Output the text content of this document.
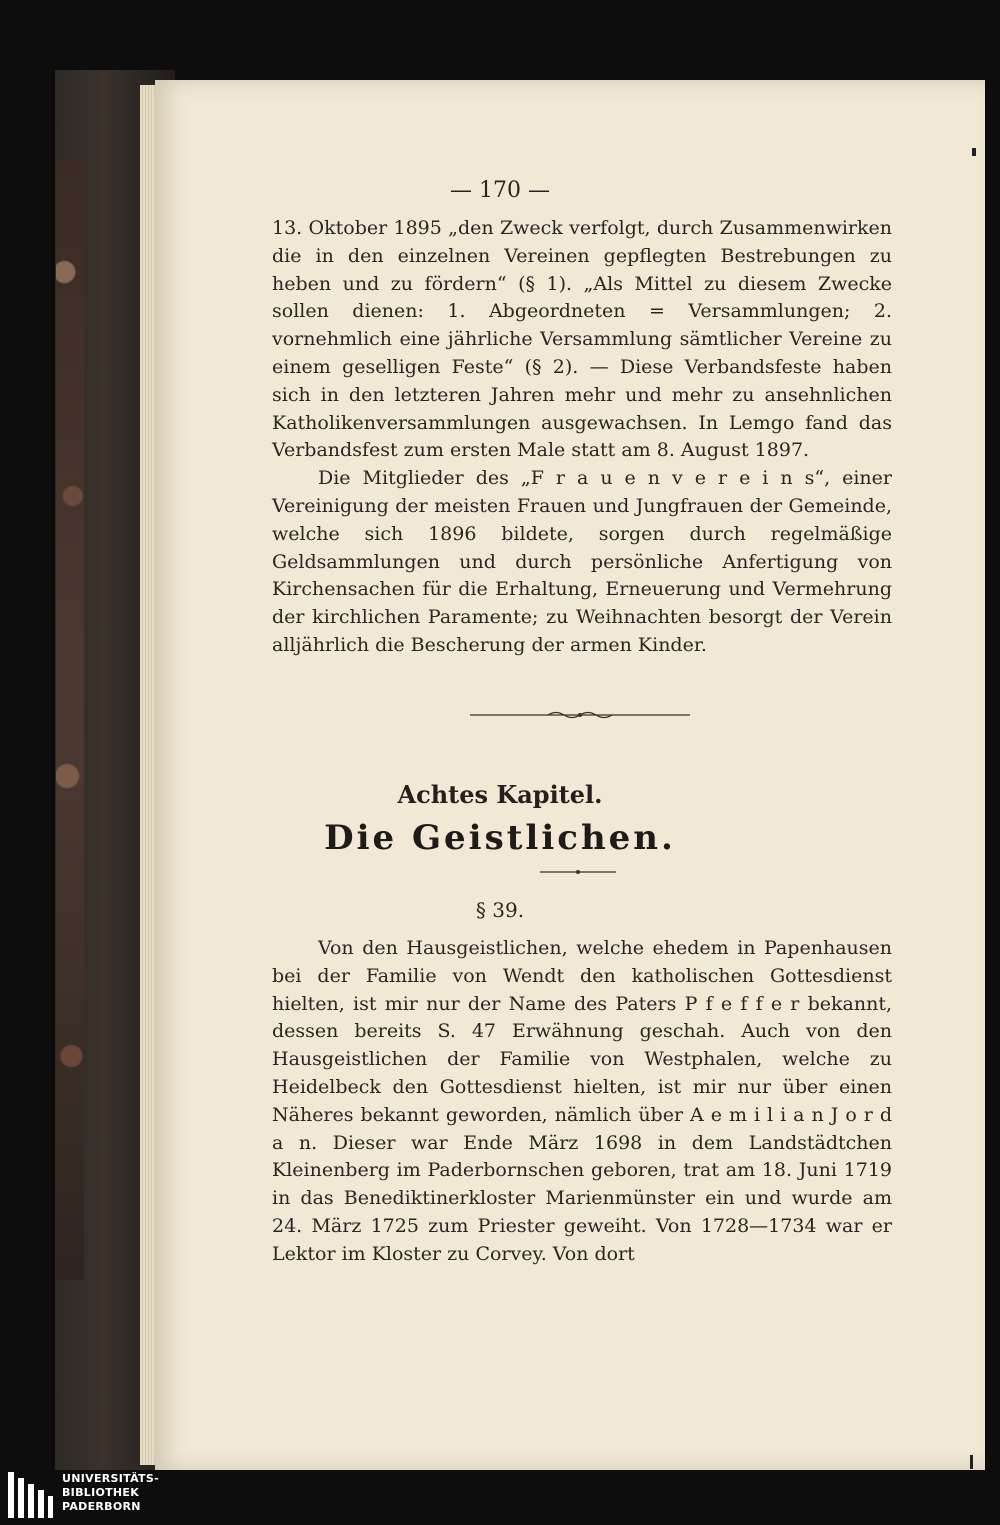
— 170 —

13. Oktober 1895 „den Zweck verfolgt, durch Zusammenwirken die in den einzelnen Vereinen gepflegten Bestrebungen zu heben und zu fördern“ (§ 1). „Als Mittel zu diesem Zwecke sollen dienen: 1. Abgeordneten = Versammlungen; 2. vornehmlich eine jährliche Versammlung sämtlicher Vereine zu einem geselligen Feste“ (§ 2). — Diese Verbandsfeste haben sich in den letzteren Jahren mehr und mehr zu ansehnlichen Katholikenversammlungen ausgewachsen. In Lemgo fand das Verbandsfest zum ersten Male statt am 8. August 1897.

Die Mitglieder des „F r a u e n v e r e i n s“, einer Vereinigung der meisten Frauen und Jungfrauen der Gemeinde, welche sich 1896 bildete, sorgen durch regelmäßige Geldsammlungen und durch persönliche Anfertigung von Kirchensachen für die Erhaltung, Erneuerung und Vermehrung der kirchlichen Paramente; zu Weihnachten besorgt der Verein alljährlich die Bescherung der armen Kinder.

Achtes Kapitel.
Die Geistlichen.
§ 39.

Von den Hausgeistlichen, welche ehedem in Papenhausen bei der Familie von Wendt den katholischen Gottesdienst hielten, ist mir nur der Name des Paters P f e f f e r bekannt, dessen bereits S. 47 Erwähnung geschah. Auch von den Hausgeistlichen der Familie von Westphalen, welche zu Heidelbeck den Gottesdienst hielten, ist mir nur über einen Näheres bekannt geworden, nämlich über A e m i l i a n J o r d a n. Dieser war Ende März 1698 in dem Landstädtchen Kleinenberg im Paderbornschen geboren, trat am 18. Juni 1719 in das Benediktinerkloster Marienmünster ein und wurde am 24. März 1725 zum Priester geweiht. Von 1728—1734 war er Lektor im Kloster zu Corvey. Von dort

UNIVERSITÄTS-
BIBLIOTHEK
PADERBORN
